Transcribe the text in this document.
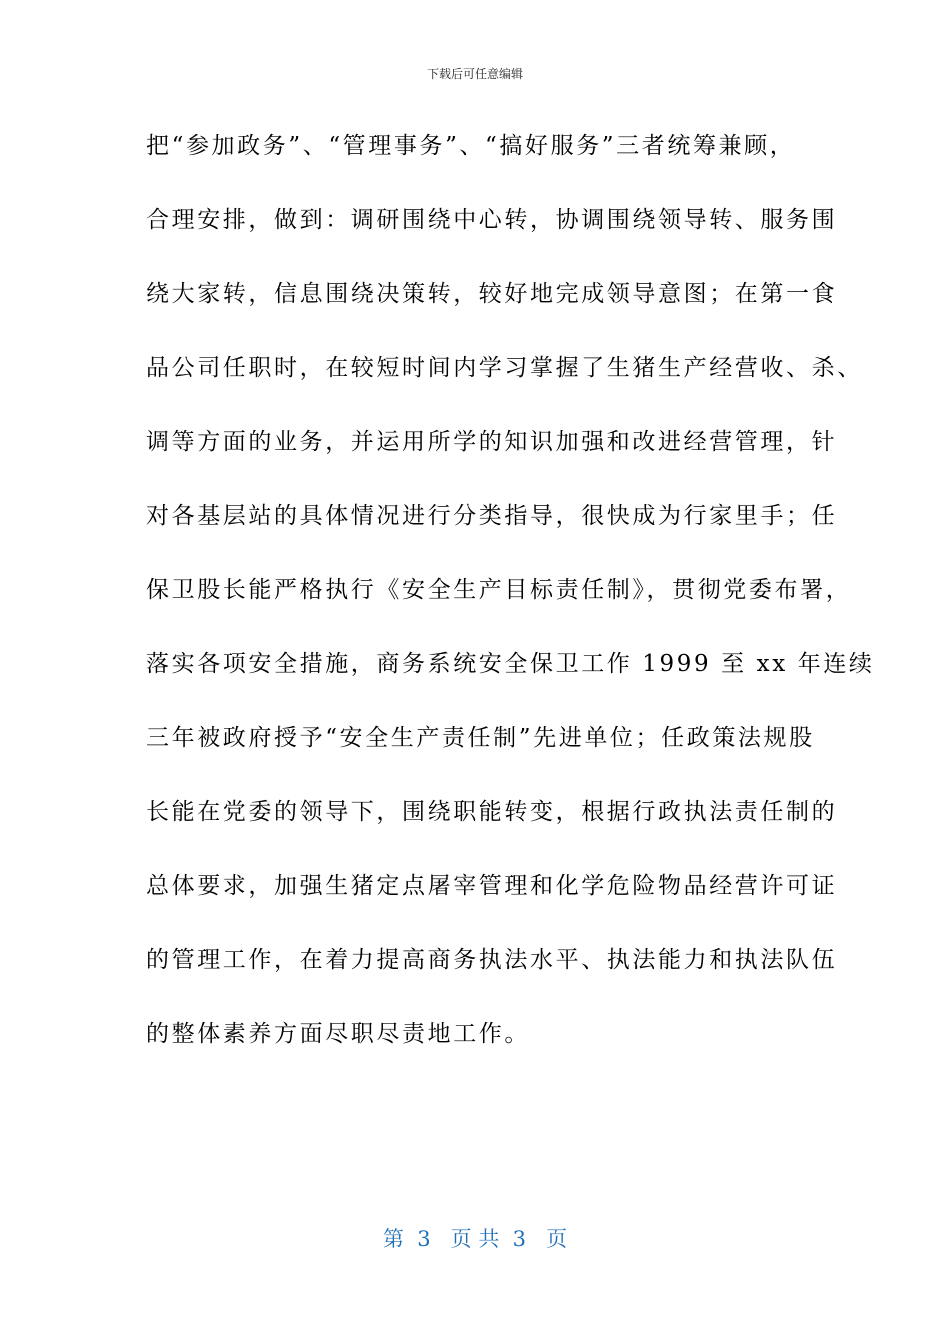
下载后可任意编辑
把“参加政务”、“管理事务”、“搞好服务”三者统筹兼顾，
合理安排，做到：调研围绕中心转，协调围绕领导转、服务围
绕大家转，信息围绕决策转，较好地完成领导意图；在第一食
品公司任职时，在较短时间内学习掌握了生猪生产经营收、杀、
调等方面的业务，并运用所学的知识加强和改进经营管理，针
对各基层站的具体情况进行分类指导，很快成为行家里手；任
保卫股长能严格执行《安全生产目标责任制》，贯彻党委布署，
落实各项安全措施，商务系统安全保卫工作 1999 至 xx 年连续
三年被政府授予“安全生产责任制”先进单位；任政策法规股
长能在党委的领导下，围绕职能转变，根据行政执法责任制的
总体要求，加强生猪定点屠宰管理和化学危险物品经营许可证
的管理工作，在着力提高商务执法水平、执法能力和执法队伍
的整体素养方面尽职尽责地工作。
第  3   页 共  3   页
